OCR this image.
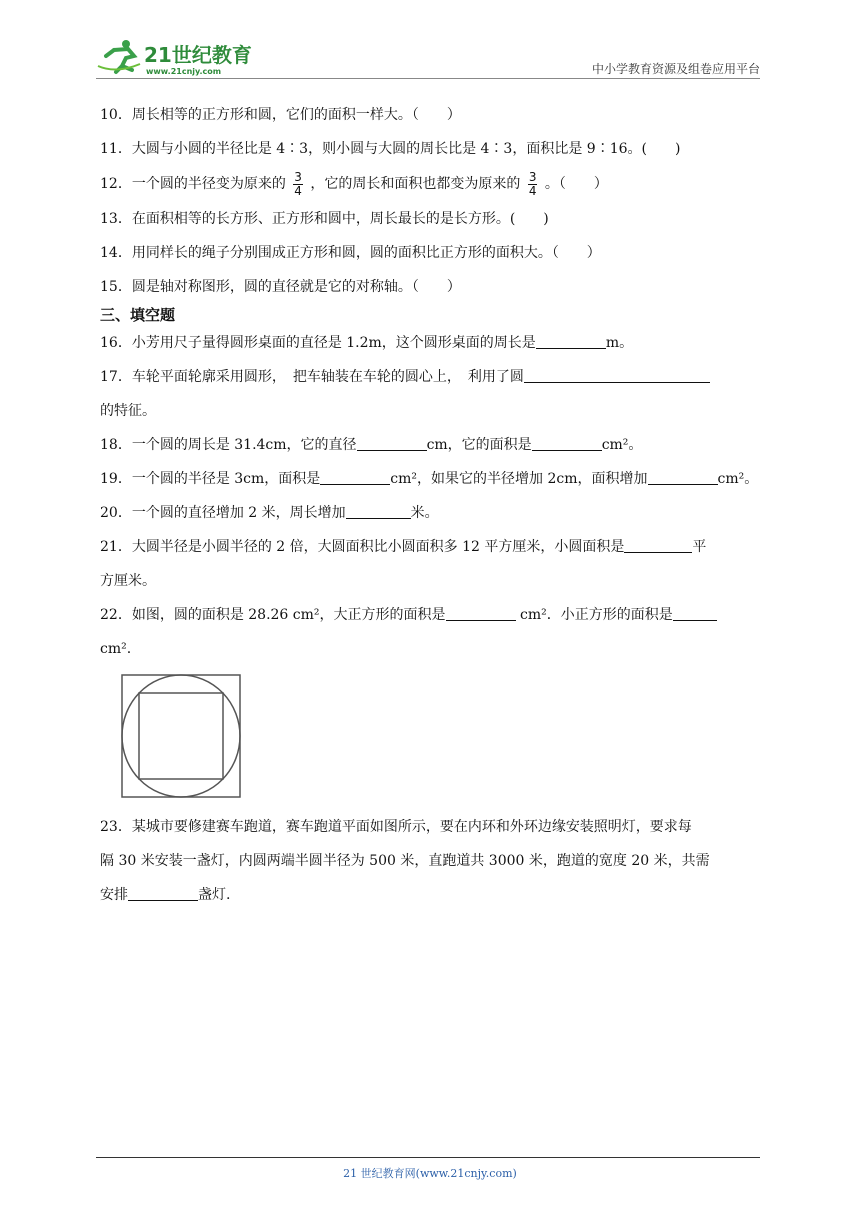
21世纪教育
www.21cnjy.com	中小学教育资源及组卷应用平台
10．周长相等的正方形和圆，它们的面积一样大。（　　）
11．大圆与小圆的半径比是 4∶3，则小圆与大圆的周长比是 4∶3，面积比是 9∶16。(　　)
12．一个圆的半径变为原来的 $\frac{3}{4}$ ，它的周长和面积也都变为原来的 $\frac{3}{4}$ 。（　　）
13．在面积相等的长方形、正方形和圆中，周长最长的是长方形。(　　)
14．用同样长的绳子分别围成正方形和圆，圆的面积比正方形的面积大。（　　）
15．圆是轴对称图形，圆的直径就是它的对称轴。（　　）
三、填空题
16．小芳用尺子量得圆形桌面的直径是 1.2m，这个圆形桌面的周长是	m。
17．车轮平面轮廓采用圆形，　把车轴装在车轮的圆心上，　利用了圆
的特征。
18．一个圆的周长是 31.4cm，它的直径	cm，它的面积是	cm²。
19．一个圆的半径是 3cm，面积是	cm²，如果它的半径增加 2cm，面积增加	cm²。
20．一个圆的直径增加 2 米，周长增加	米。
21．大圆半径是小圆半径的 2 倍，大圆面积比小圆面积多 12 平方厘米，小圆面积是	平
方厘米。
22．如图，圆的面积是 28.26 cm²，大正方形的面积是	cm²．小正方形的面积是
cm².
23．某城市要修建赛车跑道，赛车跑道平面如图所示，要在内环和外环边缘安装照明灯，要求每
隔 30 米安装一盏灯，内圆两端半圆半径为 500 米，直跑道共 3000 米，跑道的宽度 20 米，共需
安排	盏灯.
21 世纪教育网(www.21cnjy.com)
